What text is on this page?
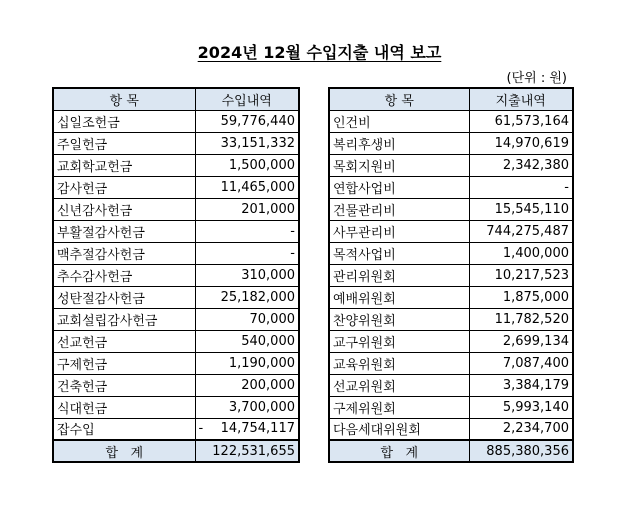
2024년 12월 수입지출 내역 보고
(단위 : 원)
항 목	수입내역
십일조헌금	59,776,440
주일헌금	33,151,332
교회학교헌금	1,500,000
감사헌금	11,465,000
신년감사헌금	201,000
부활절감사헌금	-
맥추절감사헌금	-
추수감사헌금	310,000
성탄절감사헌금	25,182,000
교회설립감사헌금	70,000
선교헌금	540,000
구제헌금	1,190,000
건축헌금	200,000
식대헌금	3,700,000
잡수입	- 14,754,117
합   계	122,531,655
항 목	지출내역
인건비	61,573,164
복리후생비	14,970,619
목회지원비	2,342,380
연합사업비	-
건물관리비	15,545,110
사무관리비	744,275,487
목적사업비	1,400,000
관리위원회	10,217,523
예배위원회	1,875,000
찬양위원회	11,782,520
교구위원회	2,699,134
교육위원회	7,087,400
선교위원회	3,384,179
구제위원회	5,993,140
다음세대위원회	2,234,700
합   계	885,380,356
